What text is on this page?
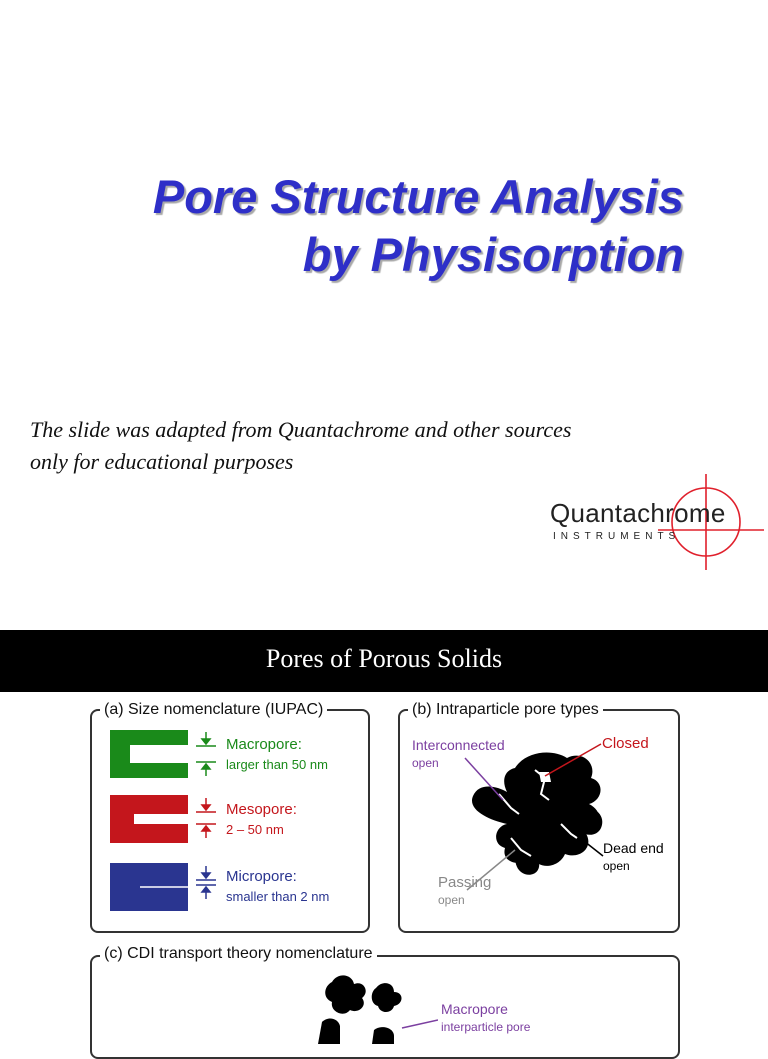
Pore Structure Analysis
by Physisorption
The slide was adapted from Quantachrome and other sources
only for educational purposes
Quantachrome
INSTRUMENTS
Pores of Porous Solids
(a) Size nomenclature (IUPAC)
Macropore:
larger than 50 nm
Mesopore:
2 – 50 nm
Micropore:
smaller than 2 nm
(b) Intraparticle pore types
Interconnected
open
Closed
Dead end
open
Passing
open
(c) CDI transport theory nomenclature
Macropore
interparticle pore
